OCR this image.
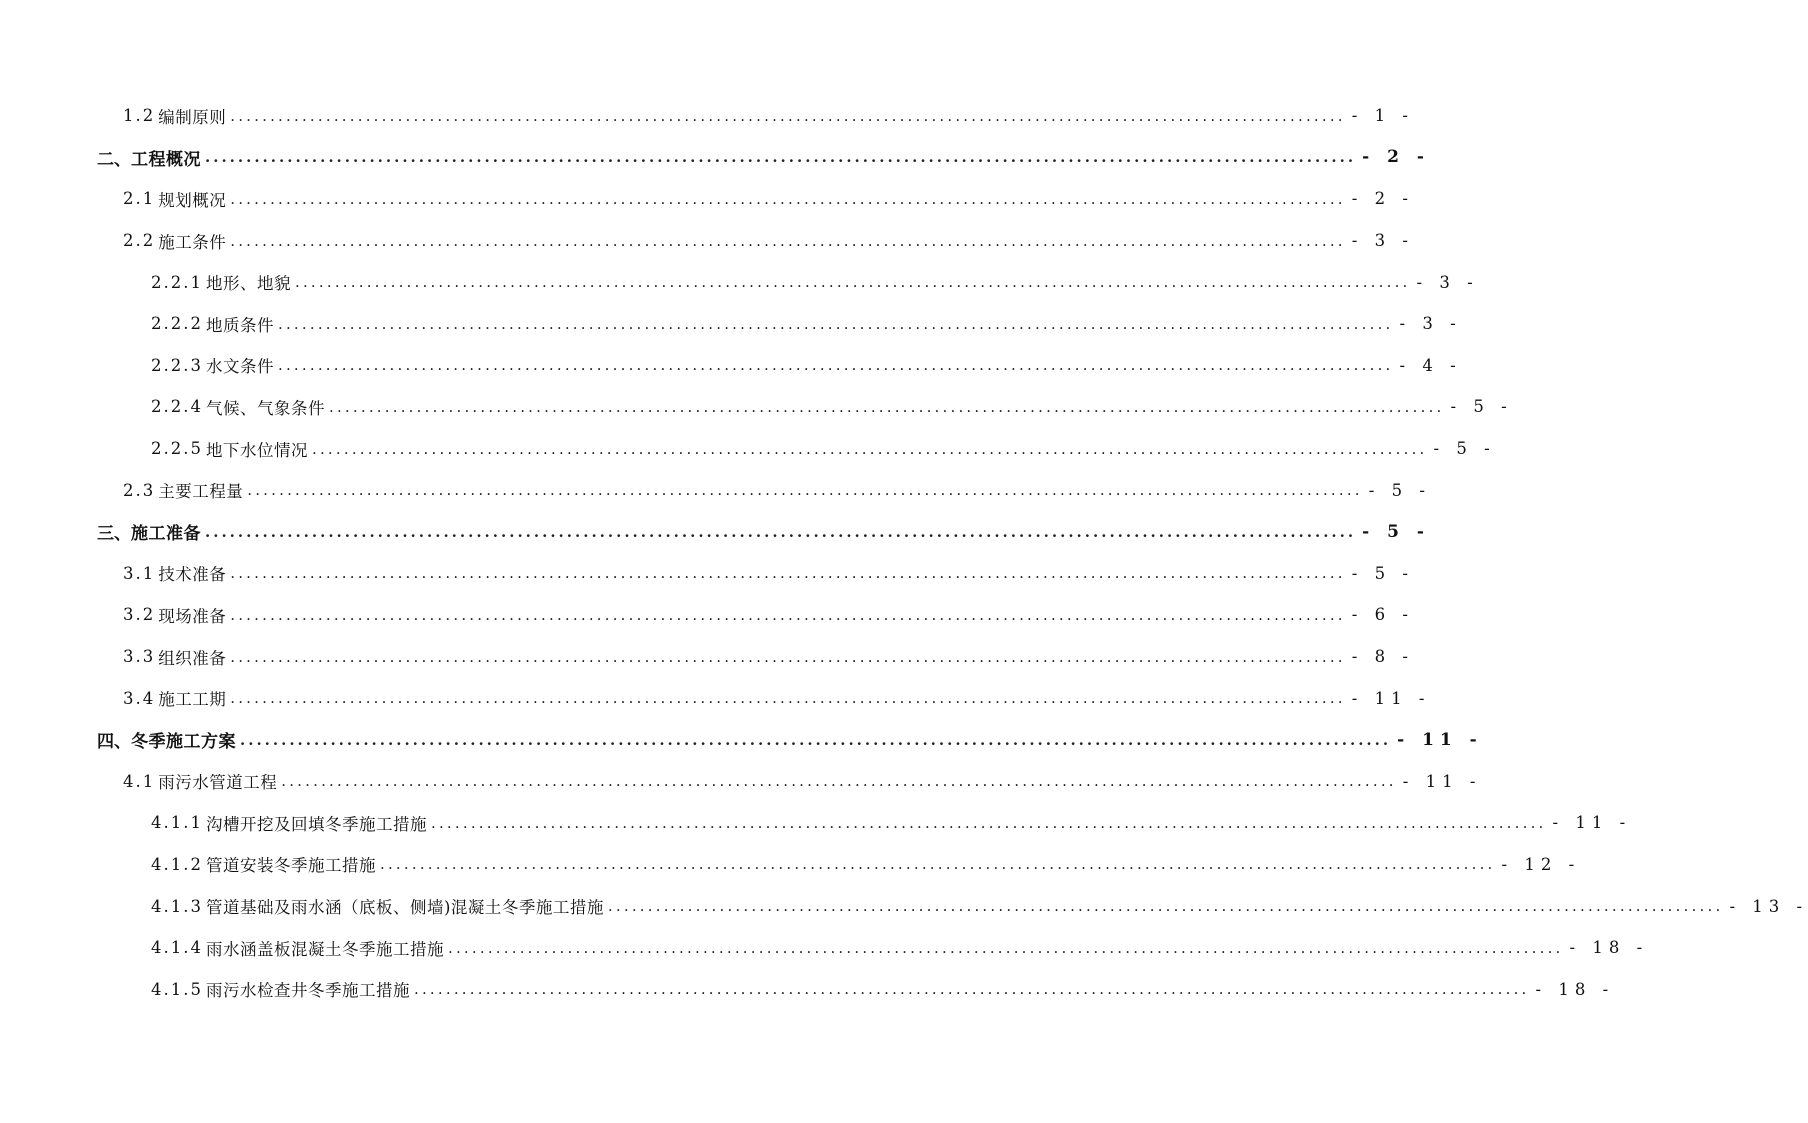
1.2 编制原则 ............................................................................................................................................ - 1 -
二、 工程概况 ............................................................................................................................................ - 2 -
2.1 规划概况 ............................................................................................................................................ - 2 -
2.2 施工条件 ............................................................................................................................................ - 3 -
2.2.1 地形、地貌 ............................................................................................................................................ - 3 -
2.2.2 地质条件 ............................................................................................................................................ - 3 -
2.2.3 水文条件 ............................................................................................................................................ - 4 -
2.2.4 气候、气象条件 ............................................................................................................................................ - 5 -
2.2.5 地下水位情况 ............................................................................................................................................ - 5 -
2.3 主要工程量 ............................................................................................................................................ - 5 -
三、 施工准备 ............................................................................................................................................ - 5 -
3.1 技术准备 ............................................................................................................................................ - 5 -
3.2 现场准备 ............................................................................................................................................ - 6 -
3.3 组织准备 ............................................................................................................................................ - 8 -
3.4 施工工期 ............................................................................................................................................ - 11 -
四、 冬季施工方案 ............................................................................................................................................ - 11 -
4.1 雨污水管道工程 ............................................................................................................................................ - 11 -
4.1.1 沟槽开挖及回填冬季施工措施 ............................................................................................................................................ - 11 -
4.1.2 管道安装冬季施工措施 ............................................................................................................................................ - 12 -
4.1.3 管道基础及雨水涵（底板、侧墙)混凝土冬季施工措施 ............................................................................................................................................ - 13 -
4.1.4 雨水涵盖板混凝土冬季施工措施 ............................................................................................................................................ - 18 -
4.1.5 雨污水检查井冬季施工措施 ............................................................................................................................................ - 18 -
